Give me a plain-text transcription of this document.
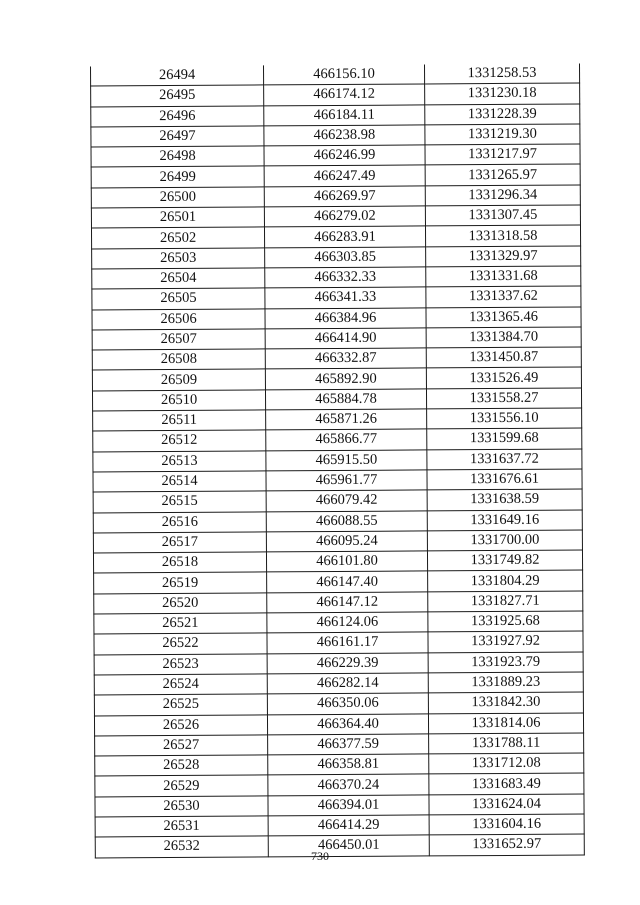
26494	466156.10	1331258.53
26495	466174.12	1331230.18
26496	466184.11	1331228.39
26497	466238.98	1331219.30
26498	466246.99	1331217.97
26499	466247.49	1331265.97
26500	466269.97	1331296.34
26501	466279.02	1331307.45
26502	466283.91	1331318.58
26503	466303.85	1331329.97
26504	466332.33	1331331.68
26505	466341.33	1331337.62
26506	466384.96	1331365.46
26507	466414.90	1331384.70
26508	466332.87	1331450.87
26509	465892.90	1331526.49
26510	465884.78	1331558.27
26511	465871.26	1331556.10
26512	465866.77	1331599.68
26513	465915.50	1331637.72
26514	465961.77	1331676.61
26515	466079.42	1331638.59
26516	466088.55	1331649.16
26517	466095.24	1331700.00
26518	466101.80	1331749.82
26519	466147.40	1331804.29
26520	466147.12	1331827.71
26521	466124.06	1331925.68
26522	466161.17	1331927.92
26523	466229.39	1331923.79
26524	466282.14	1331889.23
26525	466350.06	1331842.30
26526	466364.40	1331814.06
26527	466377.59	1331788.11
26528	466358.81	1331712.08
26529	466370.24	1331683.49
26530	466394.01	1331624.04
26531	466414.29	1331604.16
26532	466450.01	1331652.97
730
